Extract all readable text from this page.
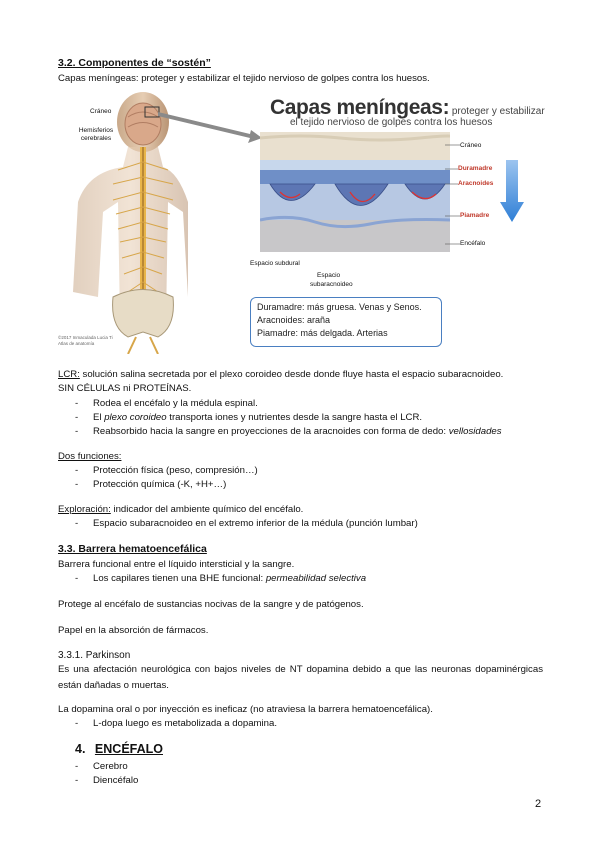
3.2. Componentes de “sostén”
Capas meníngeas: proteger y estabilizar el tejido nervioso de golpes contra los huesos.
Cráneo
Hemisferios cerebrales
©2017 Inmaculada Lucia Ti
Atlas de anatomía
Capas meníngeas: proteger y estabilizar
el tejido nervioso de golpes contra los huesos
Cráneo
Duramadre
Aracnoides
Piamadre
Encéfalo
Espacio subdural
Espacio
subaracnoideo
Duramadre: más gruesa. Venas y Senos.
Aracnoides: araña
Piamadre: más delgada. Arterias
LCR: solución salina secretada por el plexo coroideo desde donde fluye hasta el espacio subaracnoideo.
SIN CÉLULAS ni PROTEÍNAS.
- Rodea el encéfalo y la médula espinal.
- El plexo coroideo transporta iones y nutrientes desde la sangre hasta el LCR.
- Reabsorbido hacia la sangre en proyecciones de la aracnoides con forma de dedo: vellosidades
Dos funciones:
- Protección física (peso, compresión…)
- Protección química (-K, +H+…)
Exploración: indicador del ambiente químico del encéfalo.
- Espacio subaracnoideo en el extremo inferior de la médula (punción lumbar)
3.3. Barrera hematoencefálica
Barrera funcional entre el líquido intersticial y la sangre.
- Los capilares tienen una BHE funcional: permeabilidad selectiva
Protege al encéfalo de sustancias nocivas de la sangre y de patógenos.
Papel en la absorción de fármacos.
3.3.1. Parkinson
Es una afectación neurológica con bajos niveles de NT dopamina debido a que las neuronas dopaminérgicas están dañadas o muertas.
La dopamina oral o por inyección es ineficaz (no atraviesa la barrera hematoencefálica).
- L-dopa luego es metabolizada a dopamina.
4. ENCÉFALO
- Cerebro
- Diencéfalo
2
